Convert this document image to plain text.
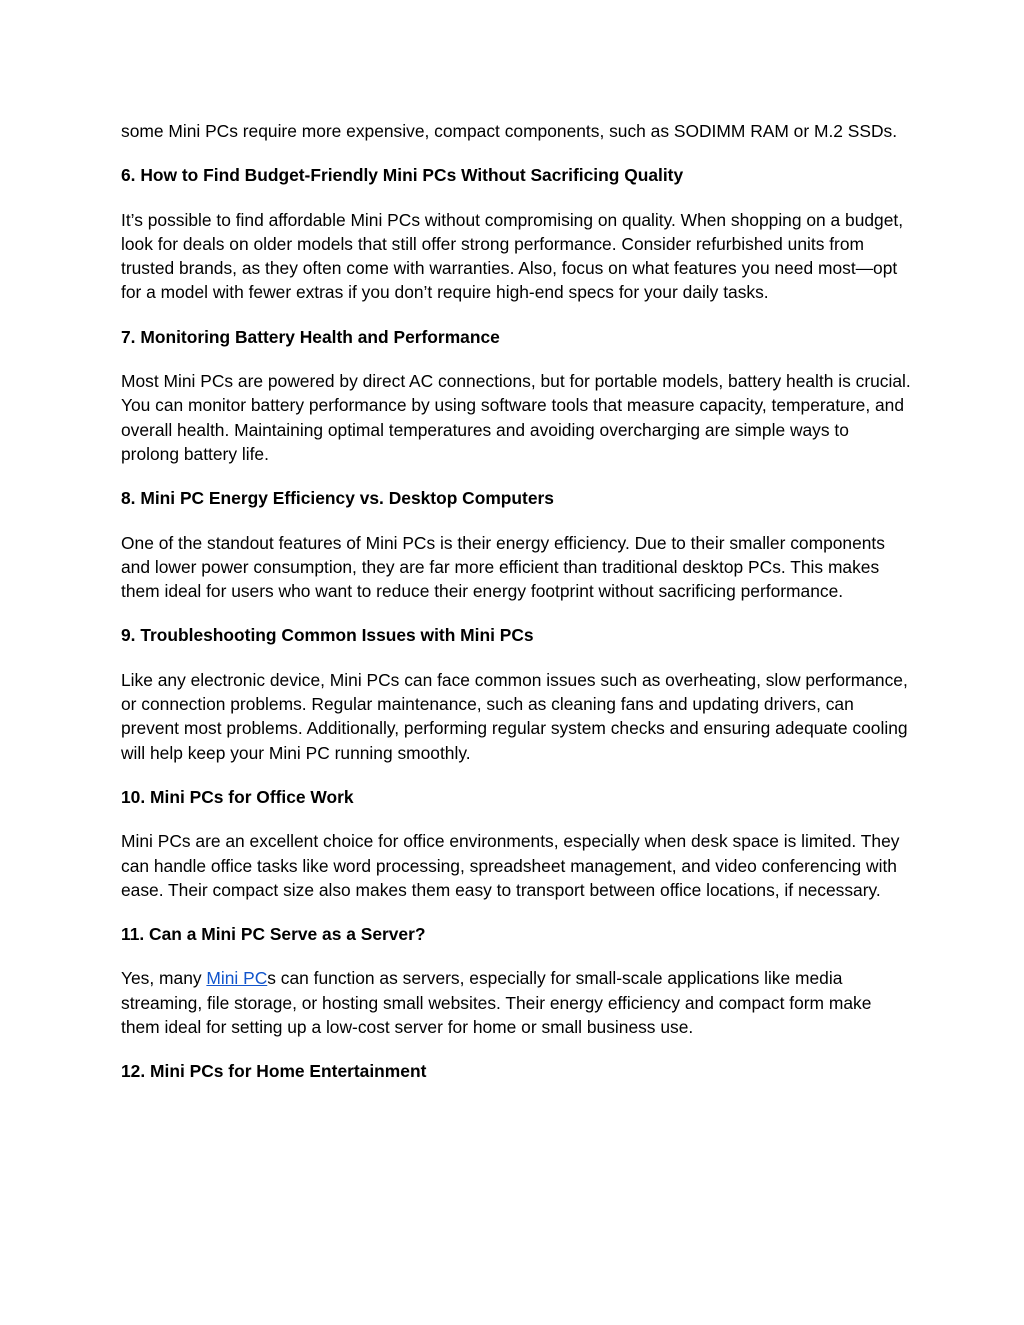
some Mini PCs require more expensive, compact components, such as SODIMM RAM or M.2 SSDs.

6. How to Find Budget-Friendly Mini PCs Without Sacrificing Quality

It’s possible to find affordable Mini PCs without compromising on quality. When shopping on a budget, look for deals on older models that still offer strong performance. Consider refurbished units from trusted brands, as they often come with warranties. Also, focus on what features you need most—opt for a model with fewer extras if you don’t require high-end specs for your daily tasks.

7. Monitoring Battery Health and Performance

Most Mini PCs are powered by direct AC connections, but for portable models, battery health is crucial. You can monitor battery performance by using software tools that measure capacity, temperature, and overall health. Maintaining optimal temperatures and avoiding overcharging are simple ways to prolong battery life.

8. Mini PC Energy Efficiency vs. Desktop Computers

One of the standout features of Mini PCs is their energy efficiency. Due to their smaller components and lower power consumption, they are far more efficient than traditional desktop PCs. This makes them ideal for users who want to reduce their energy footprint without sacrificing performance.

9. Troubleshooting Common Issues with Mini PCs

Like any electronic device, Mini PCs can face common issues such as overheating, slow performance, or connection problems. Regular maintenance, such as cleaning fans and updating drivers, can prevent most problems. Additionally, performing regular system checks and ensuring adequate cooling will help keep your Mini PC running smoothly.

10. Mini PCs for Office Work

Mini PCs are an excellent choice for office environments, especially when desk space is limited. They can handle office tasks like word processing, spreadsheet management, and video conferencing with ease. Their compact size also makes them easy to transport between office locations, if necessary.

11. Can a Mini PC Serve as a Server?

Yes, many Mini PCs can function as servers, especially for small-scale applications like media streaming, file storage, or hosting small websites. Their energy efficiency and compact form make them ideal for setting up a low-cost server for home or small business use.

12. Mini PCs for Home Entertainment
